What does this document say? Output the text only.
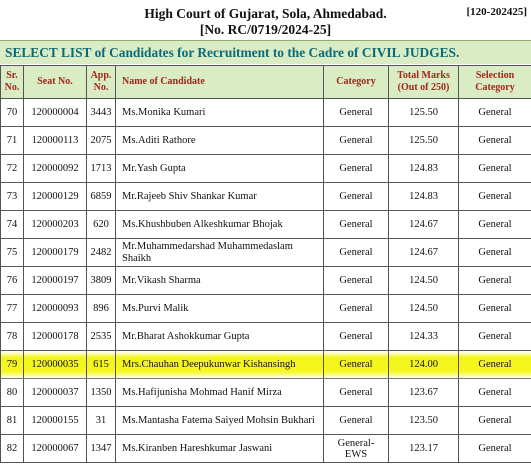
High Court of Gujarat, Sola, Ahmedabad.
[No. RC/0719/2024-25]
[120-202425]
SELECT LIST of Candidates for Recruitment to the Cadre of CIVIL JUDGES.
Sr. No.	Seat No.	App. No.	Name of Candidate	Category	Total Marks (Out of 250)	Selection Category
70	120000004	3443	Ms.Monika Kumari	General	125.50	General
71	120000113	2075	Ms.Aditi Rathore	General	125.50	General
72	120000092	1713	Mr.Yash Gupta	General	124.83	General
73	120000129	6859	Mr.Rajeeb Shiv Shankar Kumar	General	124.83	General
74	120000203	620	Ms.Khushbuben Alkeshkumar Bhojak	General	124.67	General
75	120000179	2482	Mr.Muhammedarshad Muhammedaslam Shaikh	General	124.67	General
76	120000197	3809	Mr.Vikash Sharma	General	124.50	General
77	120000093	896	Ms.Purvi Malik	General	124.50	General
78	120000178	2535	Mr.Bharat Ashokkumar Gupta	General	124.33	General
79	120000035	615	Mrs.Chauhan Deepukunwar Kishansingh	General	124.00	General
80	120000037	1350	Ms.Hafijunisha Mohmad Hanif Mirza	General	123.67	General
81	120000155	31	Ms.Mantasha Fatema Saiyed Mohsin Bukhari	General	123.50	General
82	120000067	1347	Ms.Kiranben Hareshkumar Jaswani	General-EWS	123.17	General
